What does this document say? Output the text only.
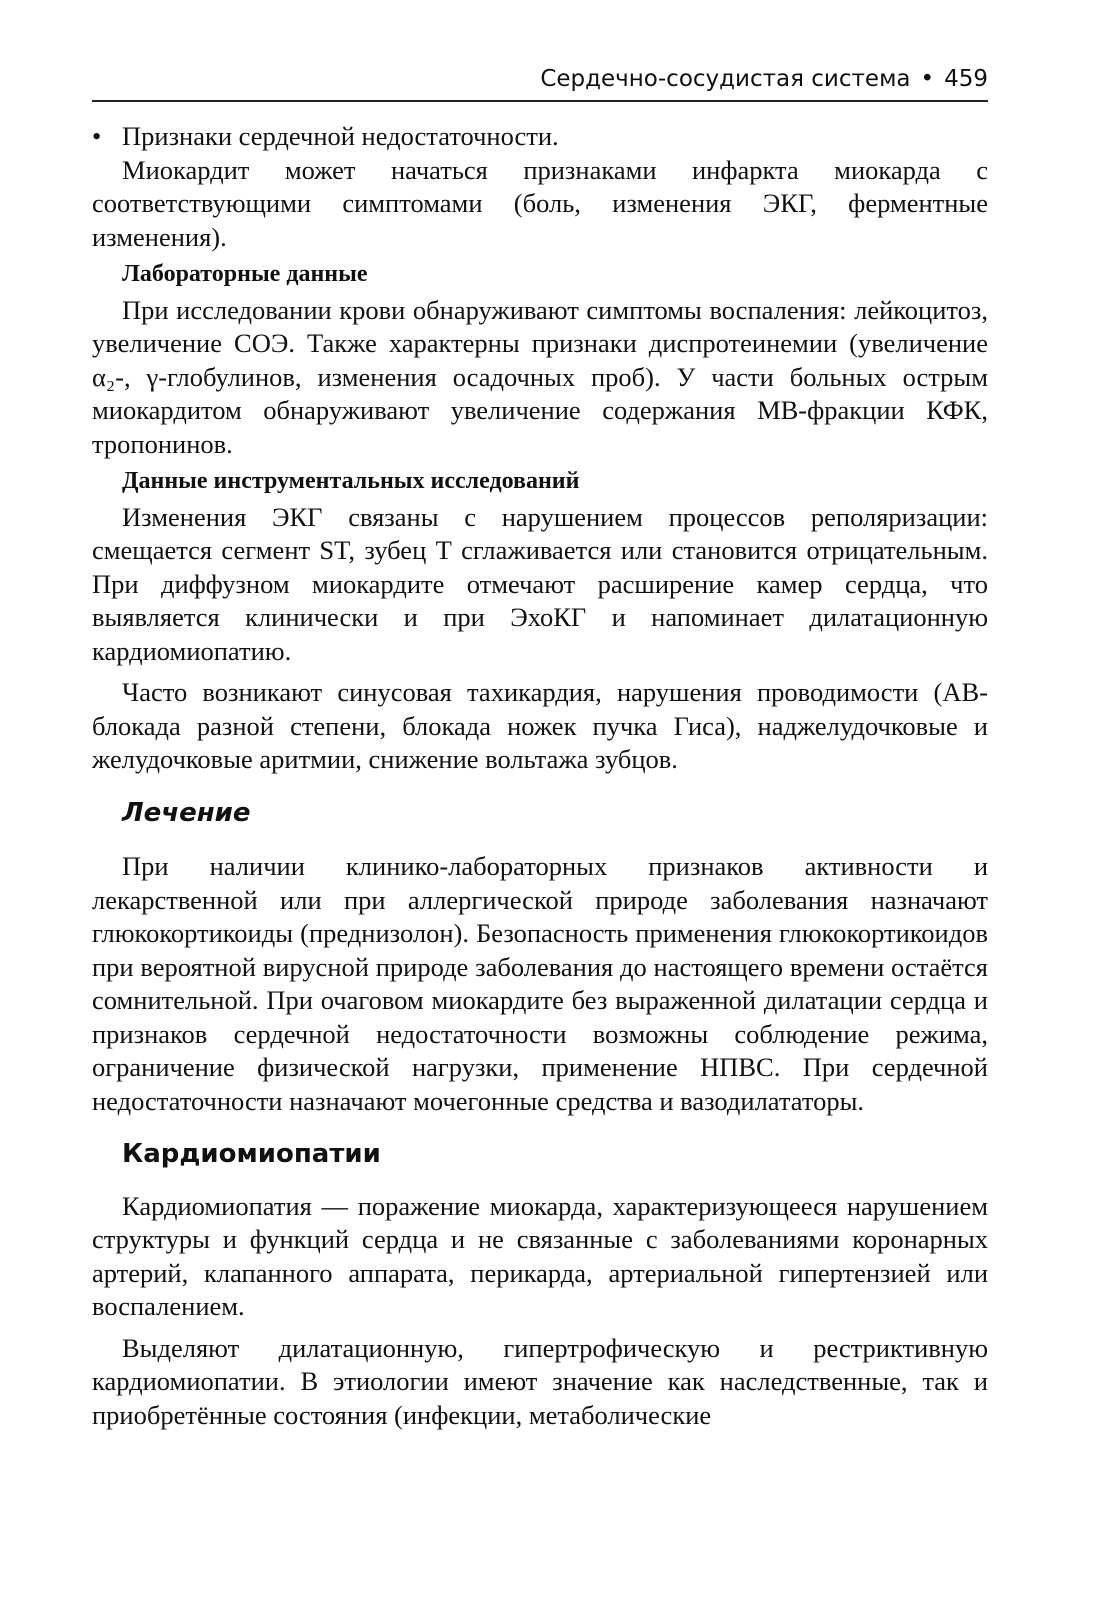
Сердечно-сосудистая система • 459
• Признаки сердечной недостаточности.

Миокардит может начаться признаками инфаркта миокарда с соответствующими симптомами (боль, изменения ЭКГ, ферментные изменения).

Лабораторные данные

При исследовании крови обнаруживают симптомы воспаления: лейкоцитоз, увеличение СОЭ. Также характерны признаки диспротеинемии (увеличение α₂-, γ-глобулинов, изменения осадочных проб). У части больных острым миокардитом обнаруживают увеличение содержания МВ-фракции КФК, тропонинов.

Данные инструментальных исследований

Изменения ЭКГ связаны с нарушением процессов реполяризации: смещается сегмент ST, зубец Т сглаживается или становится отрицательным. При диффузном миокардите отмечают расширение камер сердца, что выявляется клинически и при ЭхоКГ и напоминает дилатационную кардиомиопатию.

Часто возникают синусовая тахикардия, нарушения проводимости (АВ-блокада разной степени, блокада ножек пучка Гиса), наджелудочковые и желудочковые аритмии, снижение вольтажа зубцов.

Лечение

При наличии клинико-лабораторных признаков активности и лекарственной или при аллергической природе заболевания назначают глюкокортикоиды (преднизолон). Безопасность применения глюкокортикоидов при вероятной вирусной природе заболевания до настоящего времени остаётся сомнительной. При очаговом миокардите без выраженной дилатации сердца и признаков сердечной недостаточности возможны соблюдение режима, ограничение физической нагрузки, применение НПВС. При сердечной недостаточности назначают мочегонные средства и вазодилататоры.

Кардиомиопатии

Кардиомиопатия — поражение миокарда, характеризующееся нарушением структуры и функций сердца и не связанные с заболеваниями коронарных артерий, клапанного аппарата, перикарда, артериальной гипертензией или воспалением.

Выделяют дилатационную, гипертрофическую и рестриктивную кардиомиопатии. В этиологии имеют значение как наследственные, так и приобретённые состояния (инфекции, метаболические
